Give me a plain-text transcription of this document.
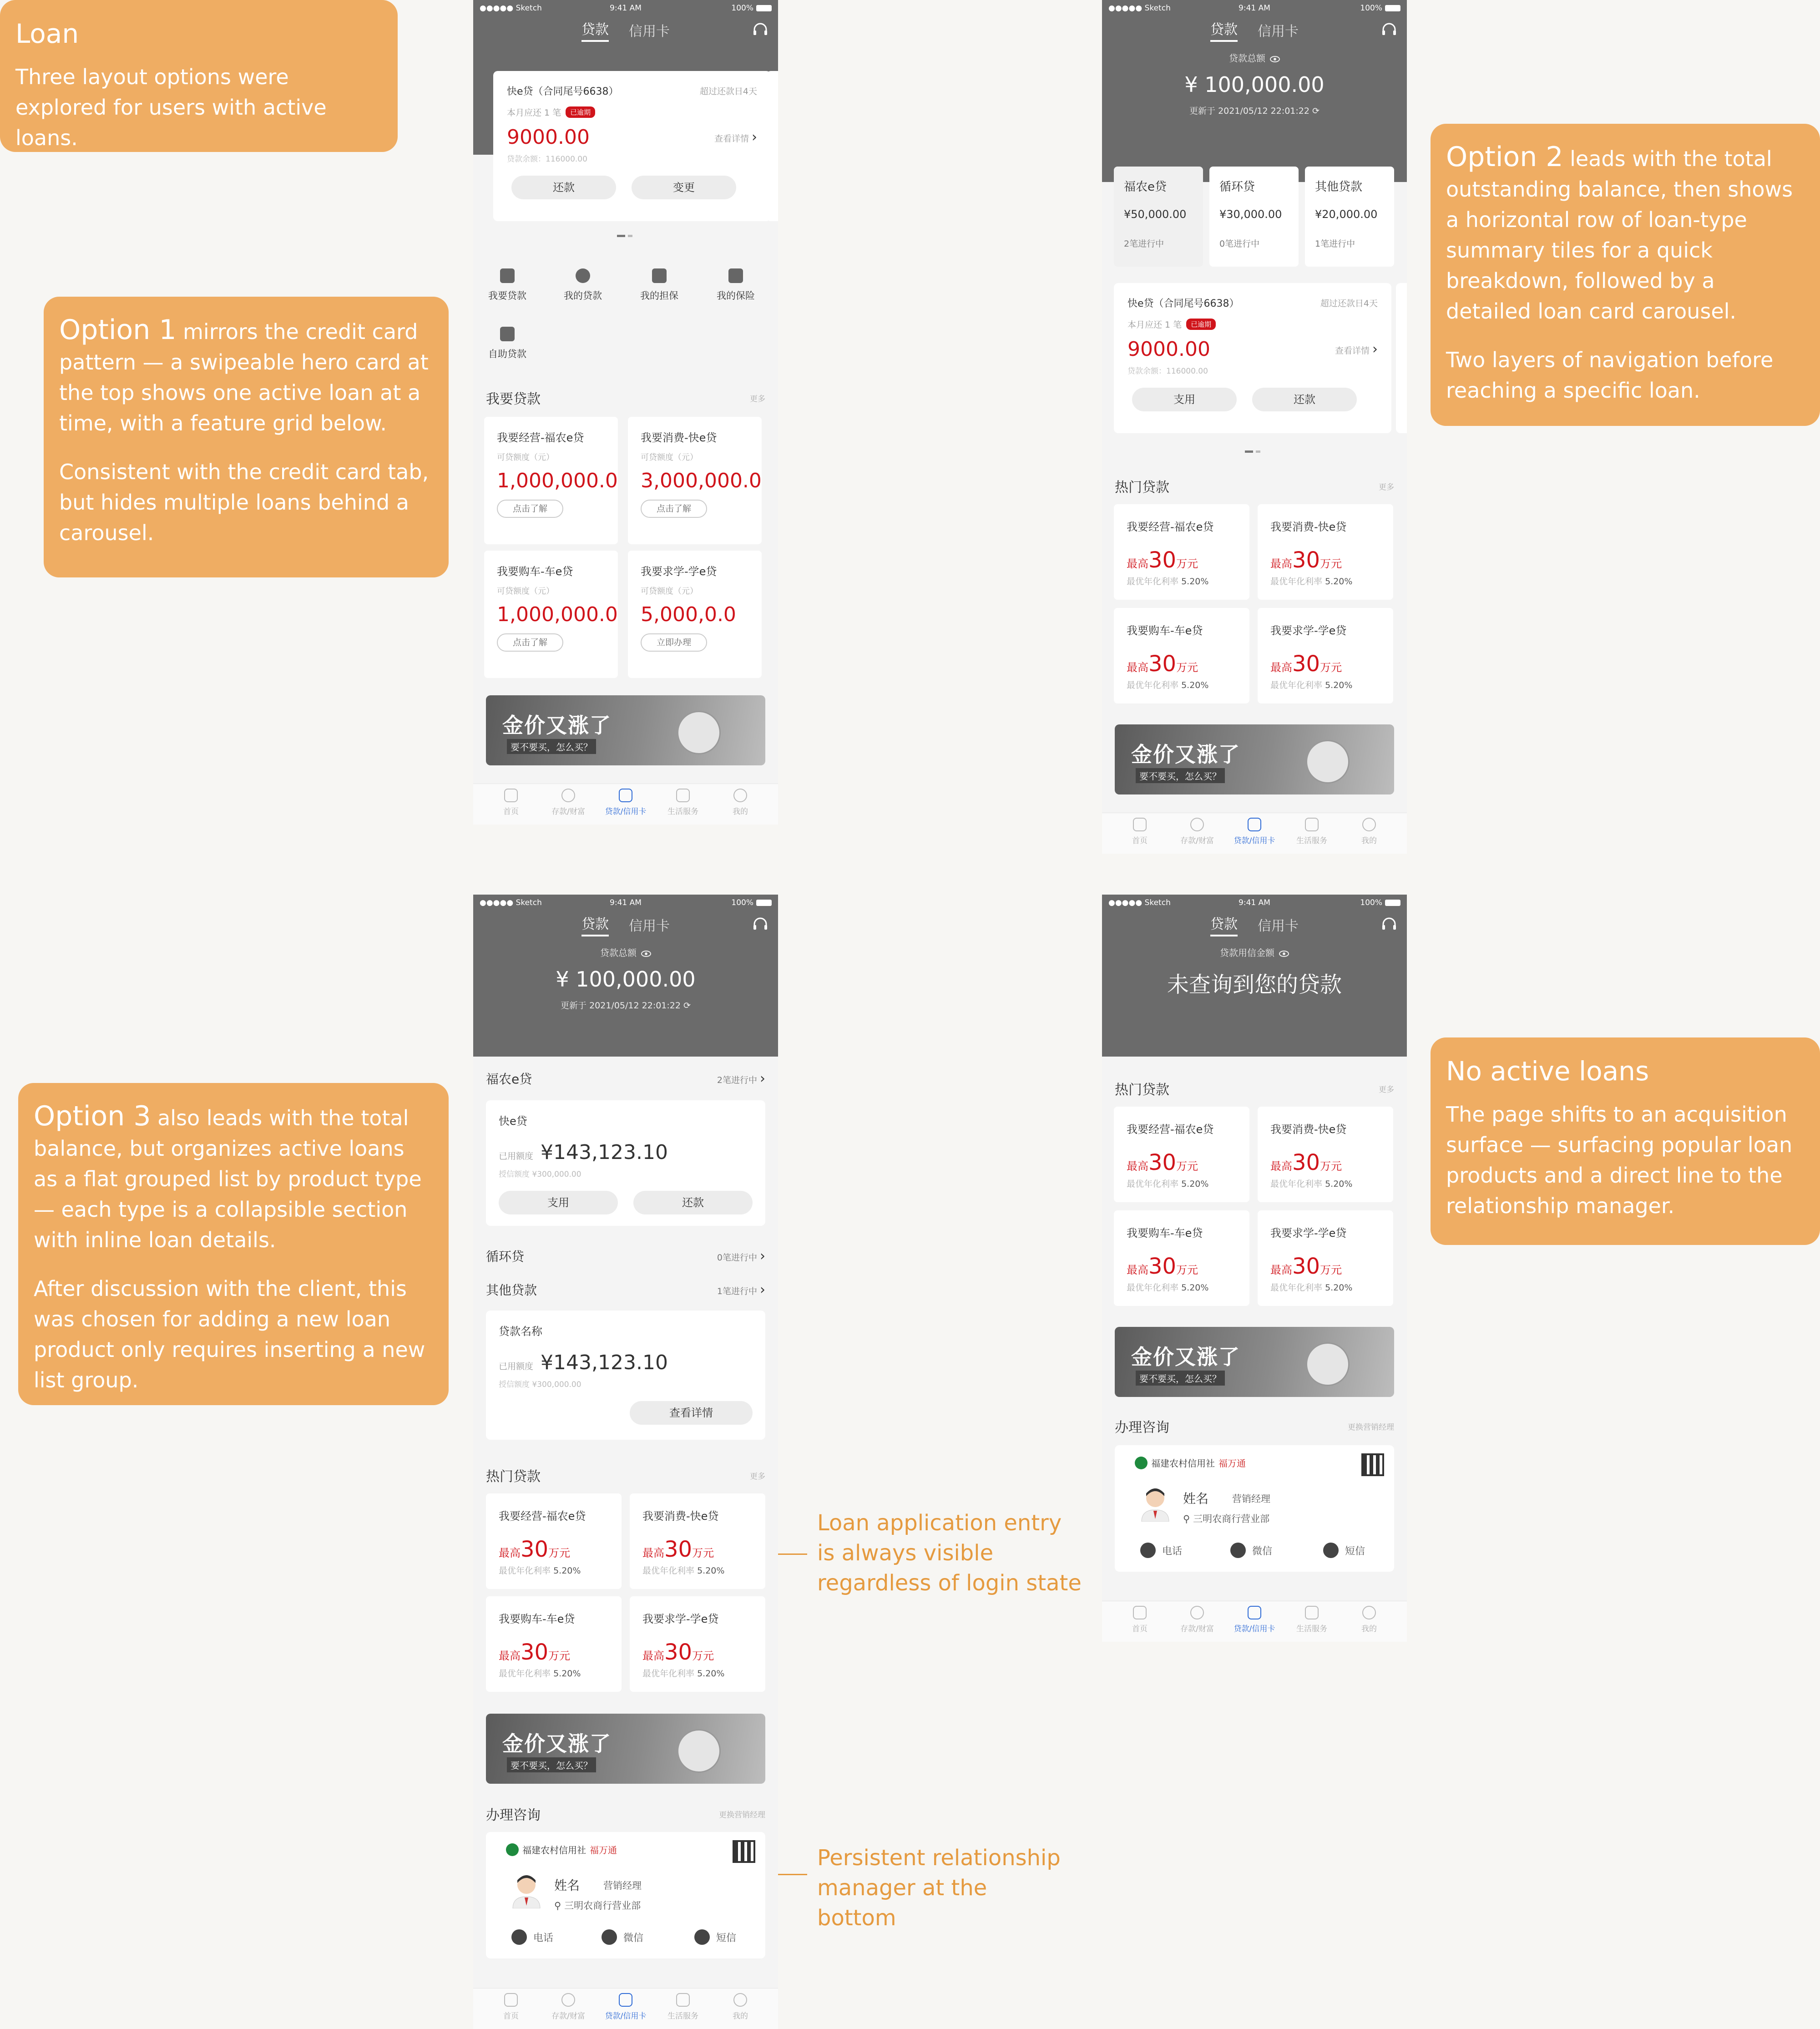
Loan

Three layout options were explored for users with active loans.

Option 1 mirrors the credit card pattern — a swipeable hero card at the top shows one active loan at a time, with a feature grid below.

Consistent with the credit card tab, but hides multiple loans behind a carousel.

Option 2 leads with the total outstanding balance, then shows a horizontal row of loan-type summary tiles for a quick breakdown, followed by a detailed loan card carousel.

Two layers of navigation before reaching a specific loan.

Option 3 also leads with the total balance, but organizes active loans as a flat grouped list by product type — each type is a collapsible section with inline loan details.

After discussion with the client, this was chosen for adding a new loan product only requires inserting a new list group.

No active loans

The page shifts to an acquisition surface — surfacing popular loan products and a direct line to the relationship manager.

Loan application entry is always visible regardless of login state
Persistent relationship manager at the bottom
●●●●● Sketch	9:41 AM	100%
贷款 信用卡
快e贷（合同尾号6638）	超过还款日4天
本月应还 1 笔	已逾期
9000.00	查看详情 ›
贷款余额：116000.00
还款	变更
我要贷款	我的贷款	我的担保	我的保险
自助贷款
我要贷款	更多
我要经营-福农e贷
可贷额度（元）
1,000,000.0
点击了解
我要消费-快e贷
可贷额度（元）
3,000,000.0
点击了解
我要购车-车e贷
可贷额度（元）
1,000,000.0
点击了解
我要求学-学e贷
可贷额度（元）
5,000,0.0
立即办理
金价又涨了
要不要买，怎么买？
首页	存款/财富	贷款/信用卡	生活服务	我的
●●●●● Sketch	9:41 AM	100%
贷款 信用卡
贷款总额
¥ 100,000.00
更新于 2021/05/12 22:01:22 ⟳
福农e贷
¥50,000.00
2笔进行中
循环贷
¥30,000.00
0笔进行中
其他贷款
¥20,000.00
1笔进行中
快e贷（合同尾号6638）	超过还款日4天
本月应还 1 笔	已逾期
9000.00	查看详情 ›
贷款余额：116000.00
支用	还款
热门贷款	更多
我要经营-福农e贷
最高30万元
最优年化利率 5.20%
我要消费-快e贷
最高30万元
最优年化利率 5.20%
我要购车-车e贷
最高30万元
最优年化利率 5.20%
我要求学-学e贷
最高30万元
最优年化利率 5.20%
金价又涨了
要不要买，怎么买？
首页	存款/财富	贷款/信用卡	生活服务	我的
●●●●● Sketch	9:41 AM	100%
贷款 信用卡
贷款总额
¥ 100,000.00
更新于 2021/05/12 22:01:22 ⟳
福农e贷	2笔进行中 ›
快e贷
已用额度 ¥143,123.10
授信额度 ¥300,000.00
支用	还款
循环贷	0笔进行中 ›
其他贷款	1笔进行中 ›
贷款名称
已用额度 ¥143,123.10
授信额度 ¥300,000.00
查看详情
热门贷款	更多
我要经营-福农e贷
最高30万元
最优年化利率 5.20%
我要消费-快e贷
最高30万元
最优年化利率 5.20%
我要购车-车e贷
最高30万元
最优年化利率 5.20%
我要求学-学e贷
最高30万元
最优年化利率 5.20%
金价又涨了
要不要买，怎么买？
办理咨询	更换营销经理
福建农村信用社 福万通
姓名 营销经理
⚲ 三明农商行营业部
电话	微信	短信
首页	存款/财富	贷款/信用卡	生活服务	我的
●●●●● Sketch	9:41 AM	100%
贷款 信用卡
贷款用信金额
未查询到您的贷款
热门贷款	更多
我要经营-福农e贷
最高30万元
最优年化利率 5.20%
我要消费-快e贷
最高30万元
最优年化利率 5.20%
我要购车-车e贷
最高30万元
最优年化利率 5.20%
我要求学-学e贷
最高30万元
最优年化利率 5.20%
金价又涨了
要不要买，怎么买？
办理咨询	更换营销经理
福建农村信用社 福万通
姓名 营销经理
⚲ 三明农商行营业部
电话	微信	短信
首页	存款/财富	贷款/信用卡	生活服务	我的
